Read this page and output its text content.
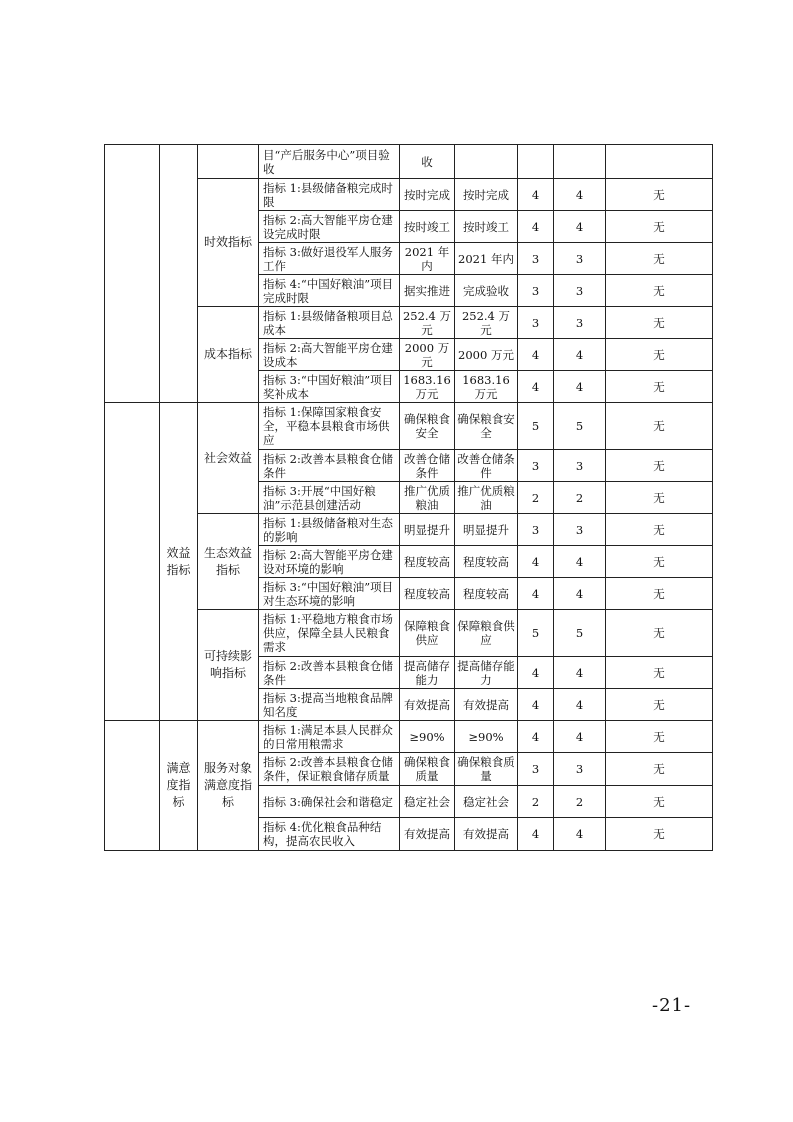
			目“产后服务中心”项目验收	收				
		时效指标	指标 1:县级储备粮完成时限	按时完成	按时完成	4	4	无
			指标 2:高大智能平房仓建设完成时限	按时竣工	按时竣工	4	4	无
			指标 3:做好退役军人服务工作	2021 年内	2021 年内	3	3	无
			指标 4:“中国好粮油”项目完成时限	据实推进	完成验收	3	3	无
		成本指标	指标 1:县级储备粮项目总成本	252.4 万元	252.4 万元	3	3	无
			指标 2:高大智能平房仓建设成本	2000 万元	2000 万元	4	4	无
			指标 3:“中国好粮油”项目奖补成本	1683.16 万元	1683.16 万元	4	4	无
	效益指标	社会效益	指标 1:保障国家粮食安全，平稳本县粮食市场供应	确保粮食安全	确保粮食安全	5	5	无
			指标 2:改善本县粮食仓储条件	改善仓储条件	改善仓储条件	3	3	无
			指标 3:开展“中国好粮油”示范县创建活动	推广优质粮油	推广优质粮油	2	2	无
		生态效益指标	指标 1:县级储备粮对生态的影响	明显提升	明显提升	3	3	无
			指标 2:高大智能平房仓建设对环境的影响	程度较高	程度较高	4	4	无
			指标 3:“中国好粮油”项目对生态环境的影响	程度较高	程度较高	4	4	无
		可持续影响指标	指标 1:平稳地方粮食市场供应，保障全县人民粮食需求	保障粮食供应	保障粮食供应	5	5	无
			指标 2:改善本县粮食仓储条件	提高储存能力	提高储存能力	4	4	无
			指标 3:提高当地粮食品牌知名度	有效提高	有效提高	4	4	无
	满意度指标	服务对象满意度指标	指标 1:满足本县人民群众的日常用粮需求	≥90%	≥90%	4	4	无
			指标 2:改善本县粮食仓储条件，保证粮食储存质量	确保粮食质量	确保粮食质量	3	3	无
			指标 3:确保社会和谐稳定	稳定社会	稳定社会	2	2	无
			指标 4:优化粮食品种结构，提高农民收入	有效提高	有效提高	4	4	无
-21-
